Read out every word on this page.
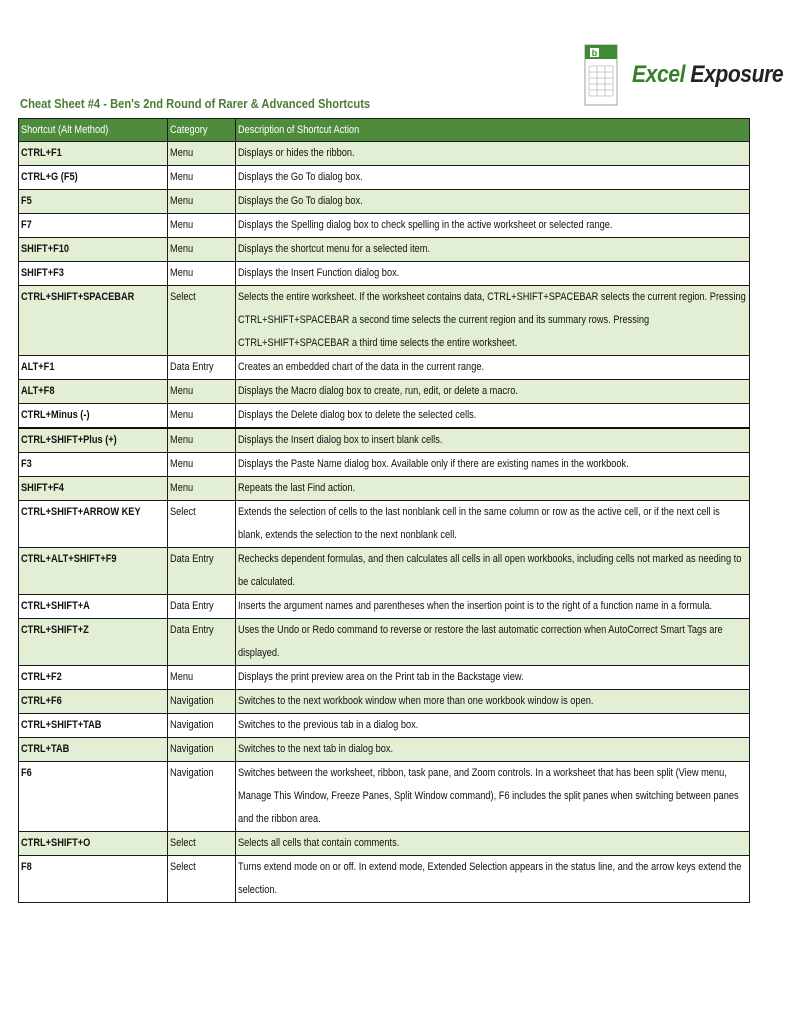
b
Excel Exposure
Cheat Sheet #4 - Ben's 2nd Round of Rarer & Advanced Shortcuts
Shortcut (Alt Method)	Category	Description of Shortcut Action

CTRL+F1	Menu	Displays or hides the ribbon.

CTRL+G (F5)	Menu	Displays the Go To dialog box.

F5	Menu	Displays the Go To dialog box.

F7	Menu	Displays the Spelling dialog box to check spelling in the active worksheet or selected range.

SHIFT+F10	Menu	Displays the shortcut menu for a selected item.

SHIFT+F3	Menu	Displays the Insert Function dialog box.

CTRL+SHIFT+SPACEBAR	Select	Selects the entire worksheet. If the worksheet contains data, CTRL+SHIFT+SPACEBAR selects the current region. Pressing CTRL+SHIFT+SPACEBAR a second time selects the current region and its summary rows. Pressing CTRL+SHIFT+SPACEBAR a third time selects the entire worksheet.

ALT+F1	Data Entry	Creates an embedded chart of the data in the current range.

ALT+F8	Menu	Displays the Macro dialog box to create, run, edit, or delete a macro.

CTRL+Minus (-)	Menu	Displays the Delete dialog box to delete the selected cells.

CTRL+SHIFT+Plus (+)	Menu	Displays the Insert dialog box to insert blank cells.

F3	Menu	Displays the Paste Name dialog box. Available only if there are existing names in the workbook.

SHIFT+F4	Menu	Repeats the last Find action.

CTRL+SHIFT+ARROW KEY	Select	Extends the selection of cells to the last nonblank cell in the same column or row as the active cell, or if the next cell is blank, extends the selection to the next nonblank cell.

CTRL+ALT+SHIFT+F9	Data Entry	Rechecks dependent formulas, and then calculates all cells in all open workbooks, including cells not marked as needing to be calculated.

CTRL+SHIFT+A	Data Entry	Inserts the argument names and parentheses when the insertion point is to the right of a function name in a formula.

CTRL+SHIFT+Z	Data Entry	Uses the Undo or Redo command to reverse or restore the last automatic correction when AutoCorrect Smart Tags are displayed.

CTRL+F2	Menu	Displays the print preview area on the Print tab in the Backstage view.

CTRL+F6	Navigation	Switches to the next workbook window when more than one workbook window is open.

CTRL+SHIFT+TAB	Navigation	Switches to the previous tab in a dialog box.

CTRL+TAB	Navigation	Switches to the next tab in dialog box.

F6	Navigation	Switches between the worksheet, ribbon, task pane, and Zoom controls. In a worksheet that has been split (View menu, Manage This Window, Freeze Panes, Split Window command), F6 includes the split panes when switching between panes and the ribbon area.

CTRL+SHIFT+O	Select	Selects all cells that contain comments.

F8	Select	Turns extend mode on or off. In extend mode, Extended Selection appears in the status line, and the arrow keys extend the selection.
